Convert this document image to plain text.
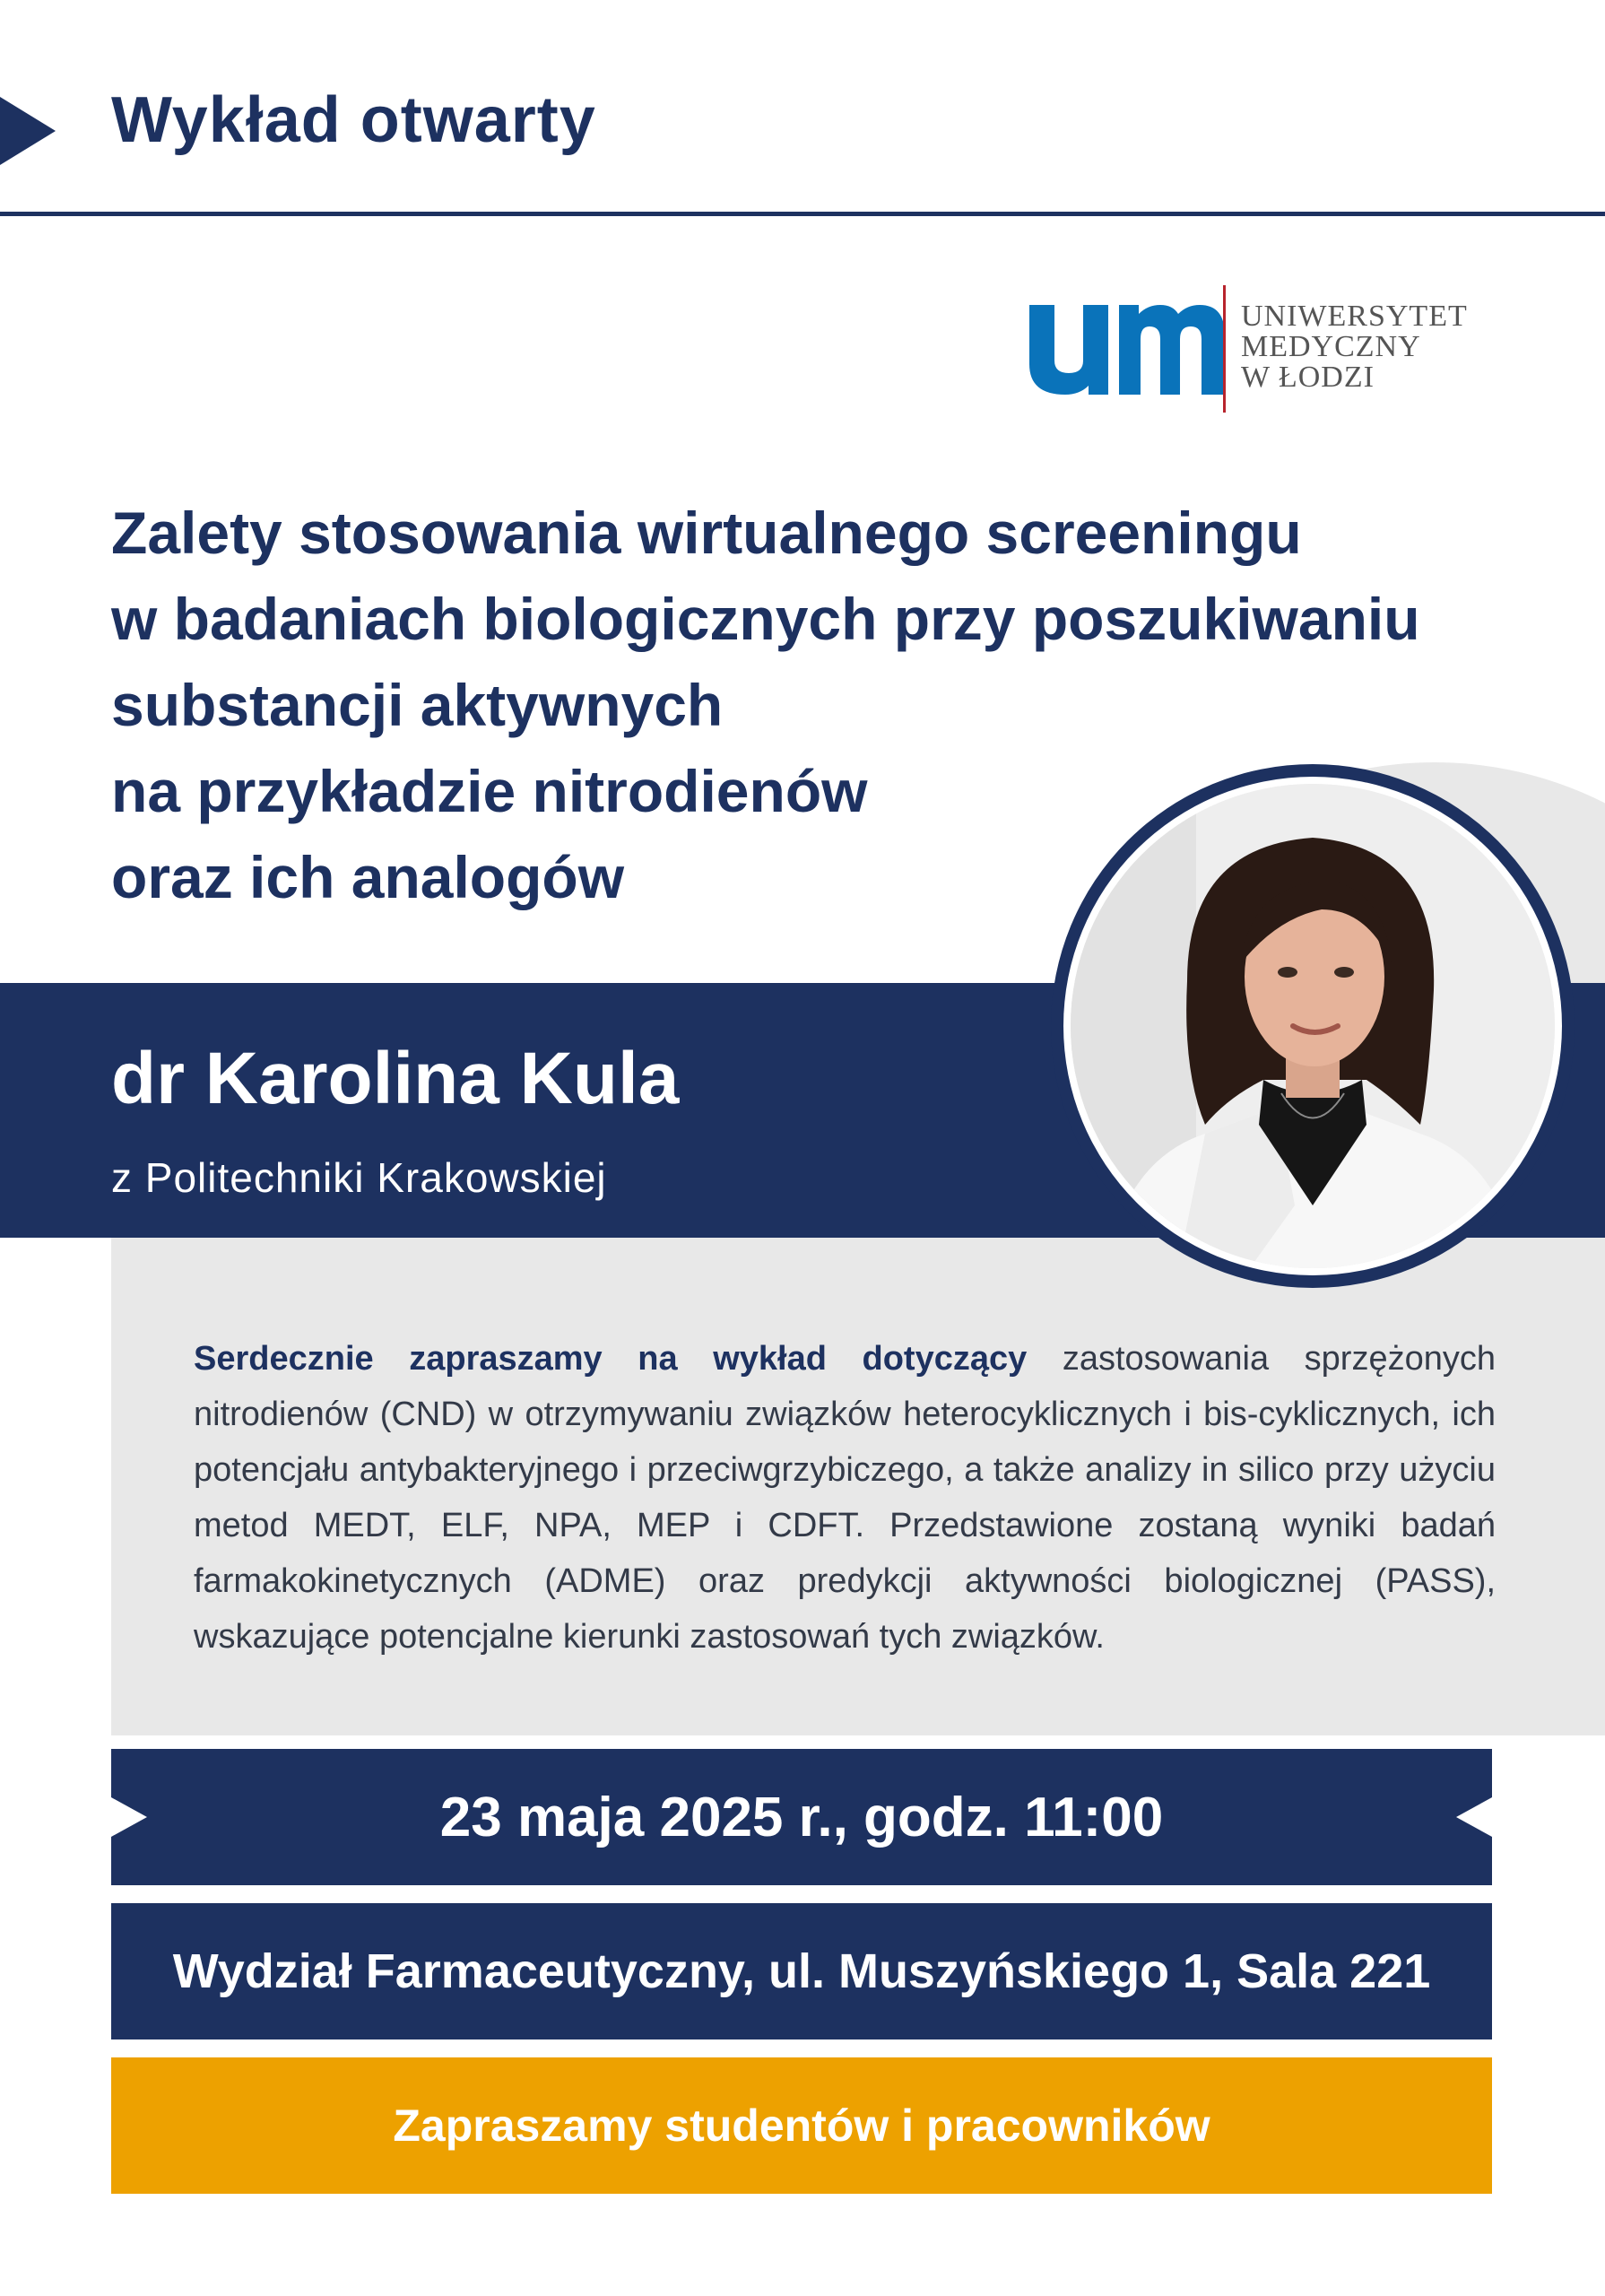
Wykład otwarty
UNIWERSYTET
MEDYCZNY
W ŁODZI
Zalety stosowania wirtualnego screeningu
w badaniach biologicznych przy poszukiwaniu
substancji aktywnych
na przykładzie nitrodienów
oraz ich analogów
dr Karolina Kula
z Politechniki Krakowskiej
Serdecznie zapraszamy na wykład dotyczący zastosowania sprzężonych nitrodienów (CND) w otrzymywaniu związków heterocyklicznych i bis-cyklicznych, ich potencjału antybakteryjnego i przeciwgrzybiczego, a także analizy in silico przy użyciu metod MEDT, ELF, NPA, MEP i CDFT. Przedstawione zostaną wyniki badań farmakokinetycznych (ADME) oraz predykcji aktywności biologicznej (PASS), wskazujące potencjalne kierunki zastosowań tych związków.
23 maja 2025 r., godz. 11:00
Wydział Farmaceutyczny, ul. Muszyńskiego 1, Sala 221
Zapraszamy studentów i pracowników
